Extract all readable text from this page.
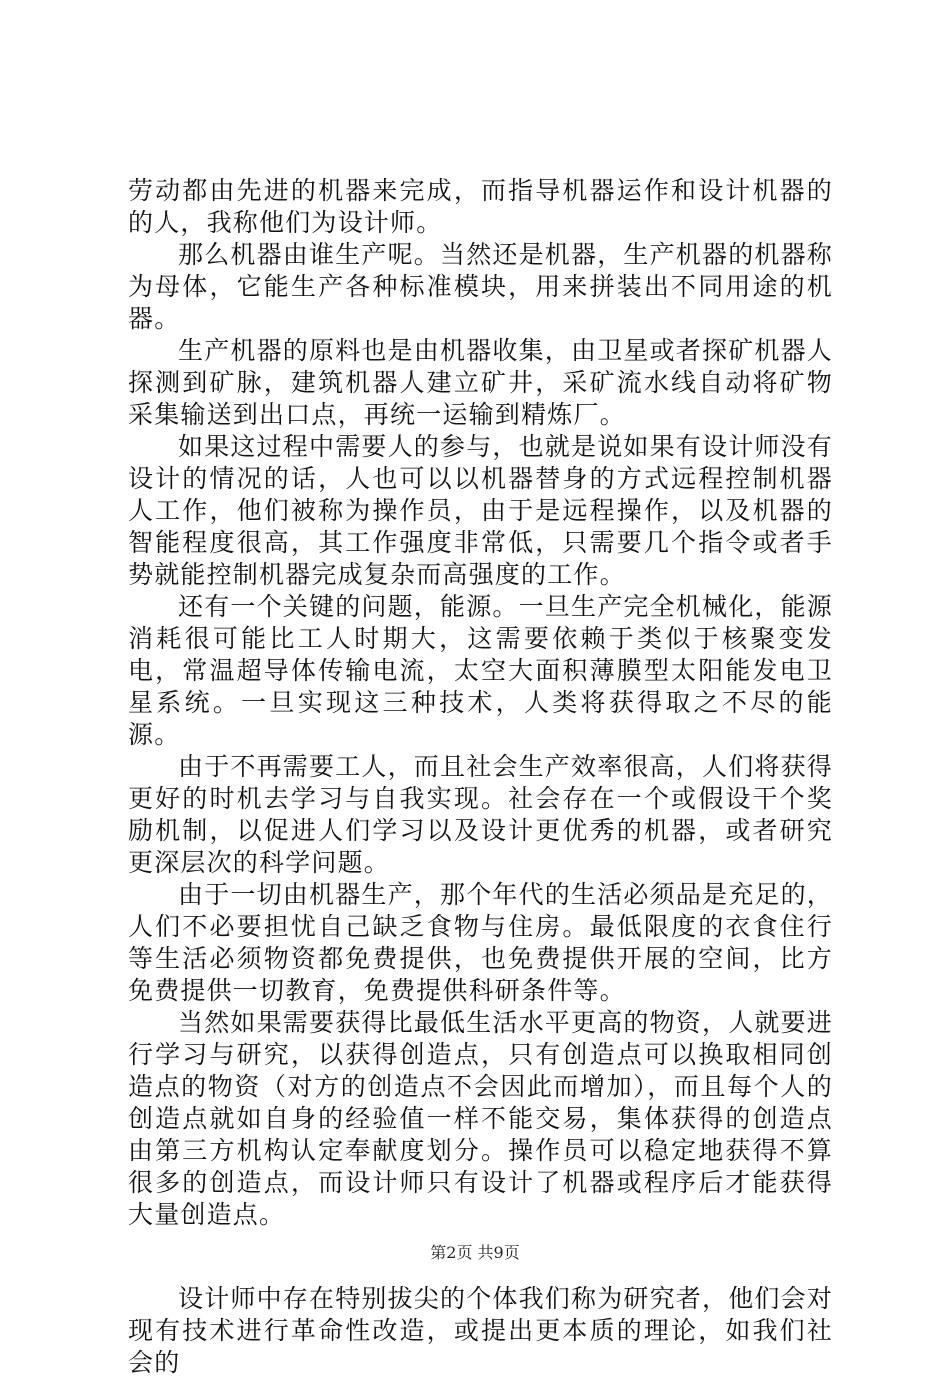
劳动都由先进的机器来完成，而指导机器运作和设计机器的的人，我称他们为设计师。

那么机器由谁生产呢。当然还是机器，生产机器的机器称为母体，它能生产各种标准模块，用来拼装出不同用途的机器。

生产机器的原料也是由机器收集，由卫星或者探矿机器人探测到矿脉，建筑机器人建立矿井，采矿流水线自动将矿物采集输送到出口点，再统一运输到精炼厂。

如果这过程中需要人的参与，也就是说如果有设计师没有设计的情况的话，人也可以以机器替身的方式远程控制机器人工作，他们被称为操作员，由于是远程操作，以及机器的智能程度很高，其工作强度非常低，只需要几个指令或者手势就能控制机器完成复杂而高强度的工作。

还有一个关键的问题，能源。一旦生产完全机械化，能源消耗很可能比工人时期大，这需要依赖于类似于核聚变发电，常温超导体传输电流，太空大面积薄膜型太阳能发电卫星系统。一旦实现这三种技术，人类将获得取之不尽的能源。

由于不再需要工人，而且社会生产效率很高，人们将获得更好的时机去学习与自我实现。社会存在一个或假设干个奖励机制，以促进人们学习以及设计更优秀的机器，或者研究更深层次的科学问题。

由于一切由机器生产，那个年代的生活必须品是充足的，人们不必要担忧自己缺乏食物与住房。最低限度的衣食住行等生活必须物资都免费提供，也免费提供开展的空间，比方免费提供一切教育，免费提供科研条件等。

当然如果需要获得比最低生活水平更高的物资，人就要进行学习与研究，以获得创造点，只有创造点可以换取相同创造点的物资（对方的创造点不会因此而增加），而且每个人的创造点就如自身的经验值一样不能交易，集体获得的创造点由第三方机构认定奉献度划分。操作员可以稳定地获得不算很多的创造点，而设计师只有设计了机器或程序后才能获得大量创造点。

设计师中存在特别拔尖的个体我们称为研究者，他们会对现有技术进行革命性改造，或提出更本质的理论，如我们社会的

第2页 共9页
